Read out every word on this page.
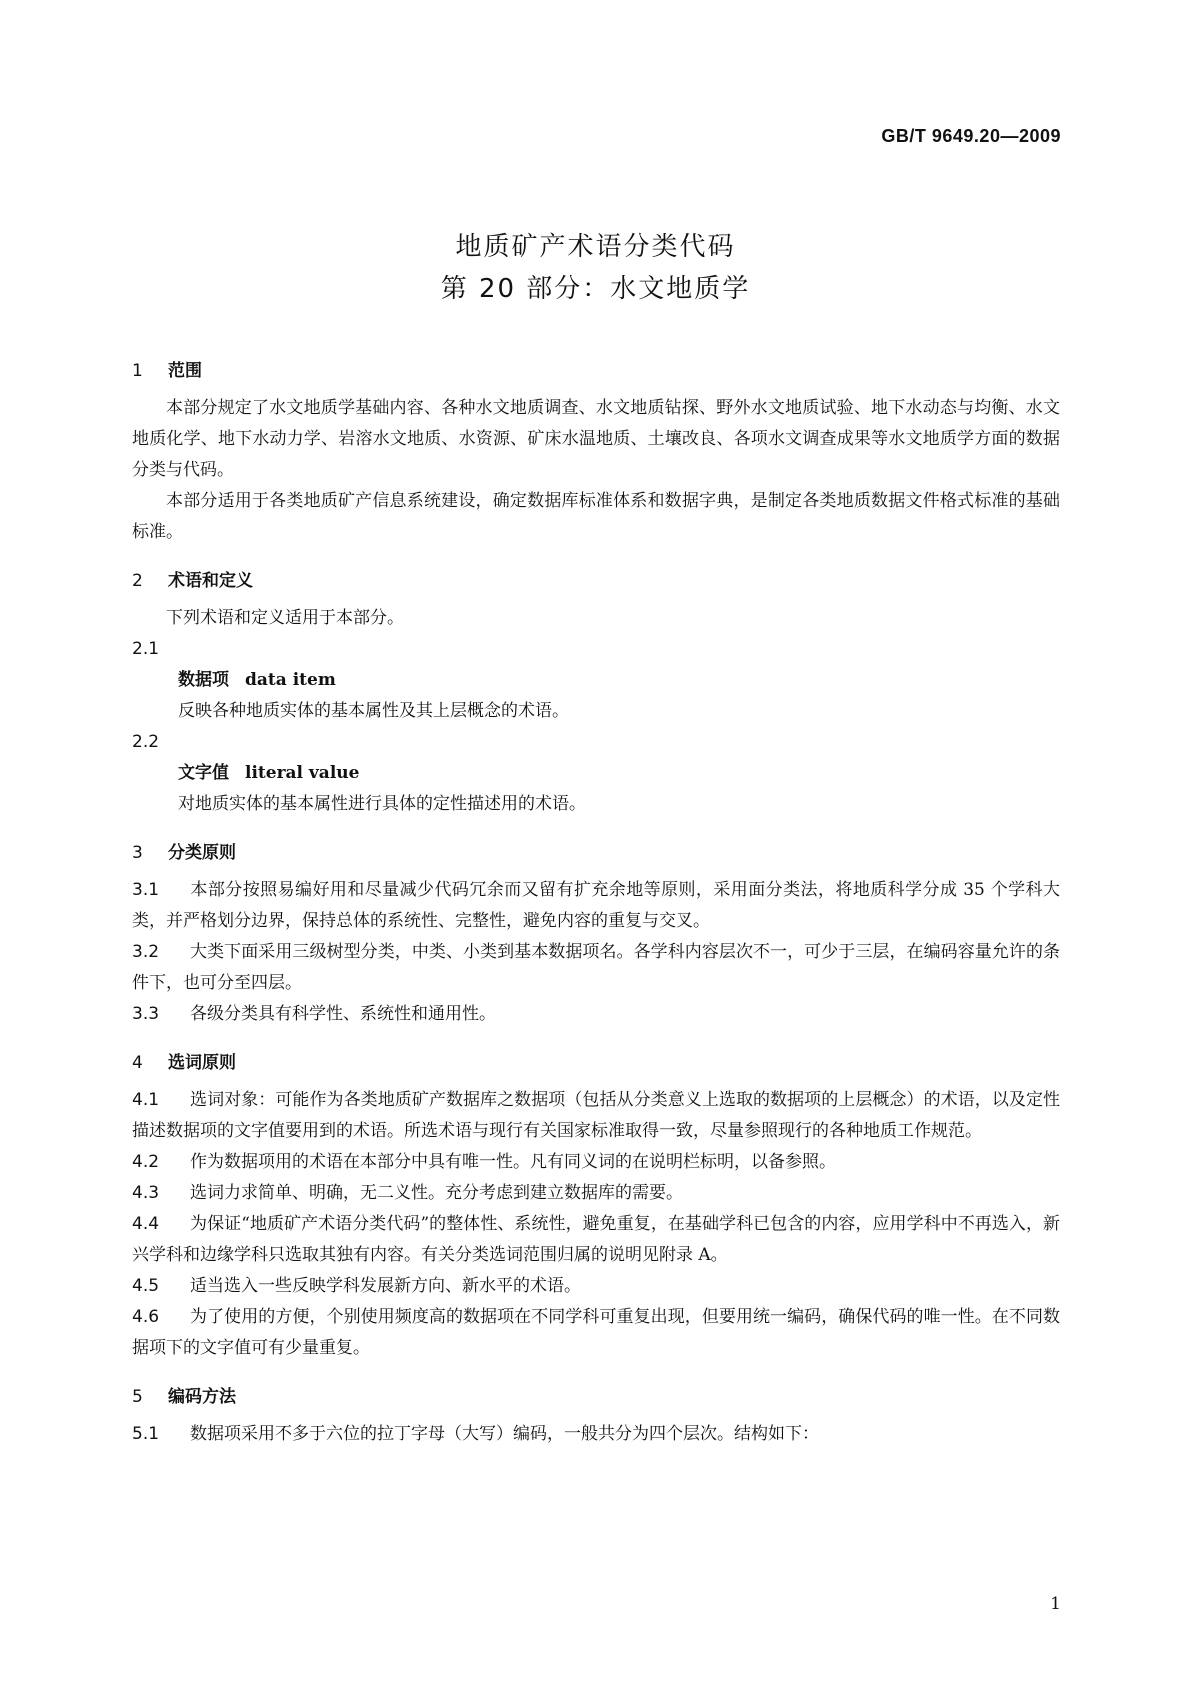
GB/T 9649.20—2009
地质矿产术语分类代码
第 20 部分：水文地质学
1 范围

本部分规定了水文地质学基础内容、各种水文地质调查、水文地质钻探、野外水文地质试验、地下水动态与均衡、水文地质化学、地下水动力学、岩溶水文地质、水资源、矿床水温地质、土壤改良、各项水文调查成果等水文地质学方面的数据分类与代码。

本部分适用于各类地质矿产信息系统建设，确定数据库标准体系和数据字典，是制定各类地质数据文件格式标准的基础标准。

2 术语和定义

下列术语和定义适用于本部分。

2.1
数据项 data item
反映各种地质实体的基本属性及其上层概念的术语。
2.2
文字值 literal value
对地质实体的基本属性进行具体的定性描述用的术语。
3 分类原则

3.1 本部分按照易编好用和尽量减少代码冗余而又留有扩充余地等原则，采用面分类法，将地质科学分成 35 个学科大类，并严格划分边界，保持总体的系统性、完整性，避免内容的重复与交叉。

3.2 大类下面采用三级树型分类，中类、小类到基本数据项名。各学科内容层次不一，可少于三层，在编码容量允许的条件下，也可分至四层。

3.3 各级分类具有科学性、系统性和通用性。

4 选词原则

4.1 选词对象：可能作为各类地质矿产数据库之数据项（包括从分类意义上选取的数据项的上层概念）的术语，以及定性描述数据项的文字值要用到的术语。所选术语与现行有关国家标准取得一致，尽量参照现行的各种地质工作规范。

4.2 作为数据项用的术语在本部分中具有唯一性。凡有同义词的在说明栏标明，以备参照。

4.3 选词力求简单、明确，无二义性。充分考虑到建立数据库的需要。

4.4 为保证“地质矿产术语分类代码”的整体性、系统性，避免重复，在基础学科已包含的内容，应用学科中不再选入，新兴学科和边缘学科只选取其独有内容。有关分类选词范围归属的说明见附录 A。

4.5 适当选入一些反映学科发展新方向、新水平的术语。

4.6 为了使用的方便，个别使用频度高的数据项在不同学科可重复出现，但要用统一编码，确保代码的唯一性。在不同数据项下的文字值可有少量重复。

5 编码方法

5.1 数据项采用不多于六位的拉丁字母（大写）编码，一般共分为四个层次。结构如下：

1
